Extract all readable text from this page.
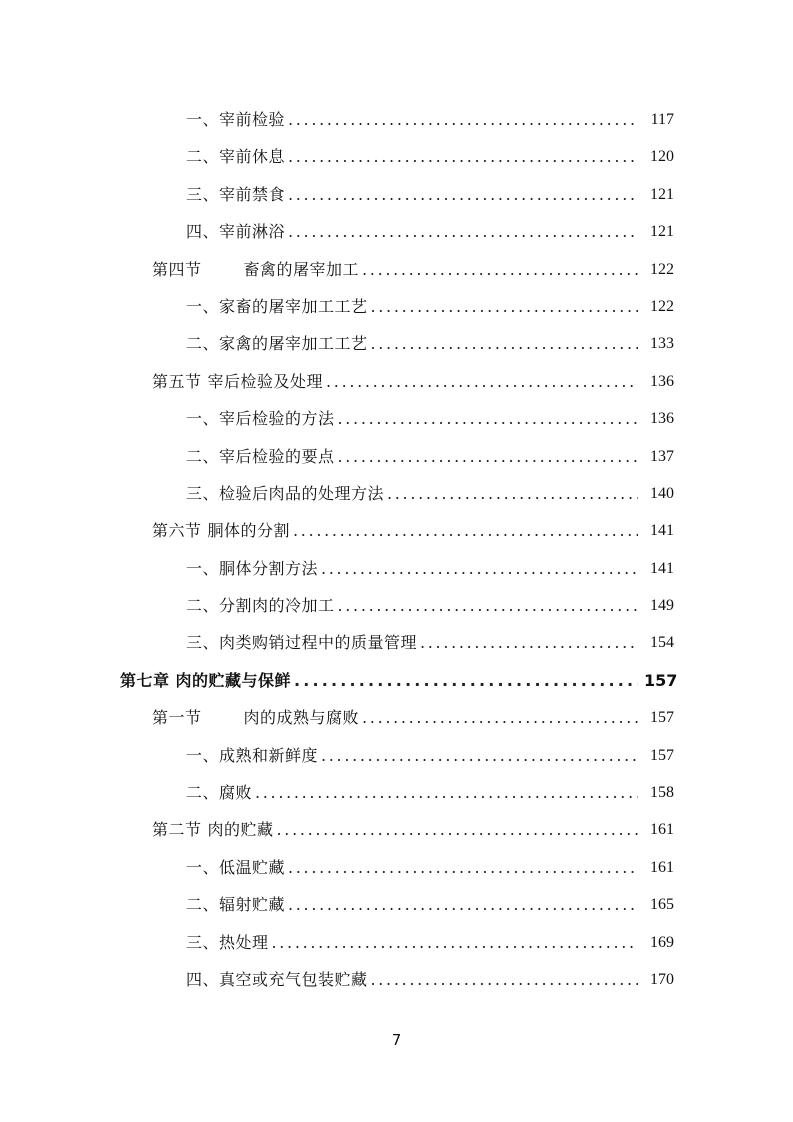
一、宰前检验 . . .	117
二、宰前休息 . . .	120
三、宰前禁食 . . .	121
四、宰前淋浴 . . .	121
第四节	畜禽的屠宰加工 . . .	122
一、家畜的屠宰加工工艺 . . .	122
二、家禽的屠宰加工工艺 . . .	133
第五节 宰后检验及处理 . . .	136
一、宰后检验的方法 . . .	136
二、宰后检验的要点 . . .	137
三、检验后肉品的处理方法 . . .	140
第六节 胴体的分割 . . .	141
一、胴体分割方法 . . .	141
二、分割肉的冷加工 . . .	149
三、肉类购销过程中的质量管理 . . .	154
第七章 肉的贮藏与保鲜 . . .	157
第一节	肉的成熟与腐败 . . .	157
一、成熟和新鲜度 . . .	157
二、腐败 . . .	158
第二节 肉的贮藏 . . .	161
一、低温贮藏 . . .	161
二、辐射贮藏 . . .	165
三、热处理 . . .	169
四、真空或充气包装贮藏 . . .	170
7
